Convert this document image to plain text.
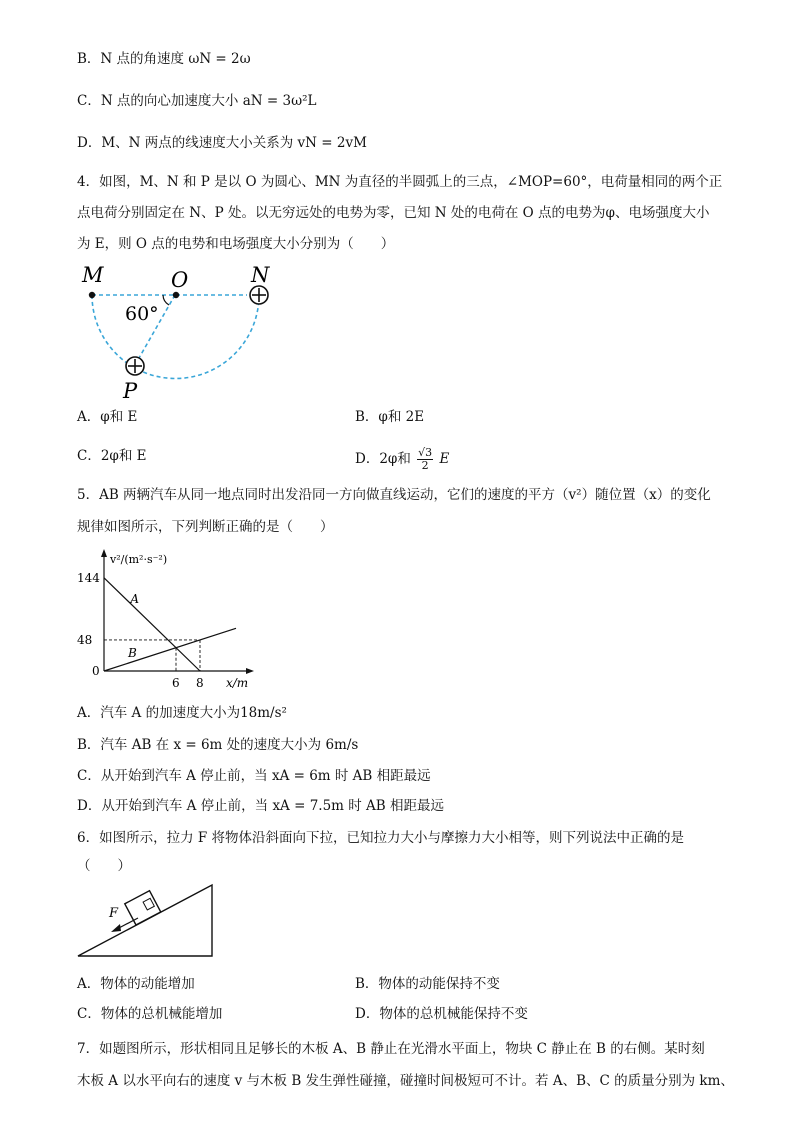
B．N 点的角速度 ωN = 2ω
C．N 点的向心加速度大小 aN = 3ω²L
D．M、N 两点的线速度大小关系为 vN = 2vM
4．如图，M、N 和 P 是以 O 为圆心、MN 为直径的半圆弧上的三点，∠MOP=60°，电荷量相同的两个正
点电荷分别固定在 N、P 处。以无穷远处的电势为零，已知 N 处的电荷在 O 点的电势为φ、电场强度大小
为 E，则 O 点的电势和电场强度大小分别为（　　）
M	O	N
P
60°
A．φ和 E	B．φ和 2E
C．2φ和 E	D．2φ和 $\frac{√3}{2}$ E
5．AB 两辆汽车从同一地点同时出发沿同一方向做直线运动，它们的速度的平方（v²）随位置（x）的变化
规律如图所示，下列判断正确的是（　　）
v²/(m²·s⁻²)
x/m
0
144
48
6 8
A
B
A．汽车 A 的加速度大小为18m/s²
B．汽车 AB 在 x = 6m 处的速度大小为 6m/s
C．从开始到汽车 A 停止前，当 xA = 6m 时 AB 相距最远
D．从开始到汽车 A 停止前，当 xA = 7.5m 时 AB 相距最远
6．如图所示，拉力 F 将物体沿斜面向下拉，已知拉力大小与摩擦力大小相等，则下列说法中正确的是
（　　）
F
A．物体的动能增加	B．物体的动能保持不变
C．物体的总机械能增加	D．物体的总机械能保持不变
7．如题图所示，形状相同且足够长的木板 A、B 静止在光滑水平面上，物块 C 静止在 B 的右侧。某时刻
木板 A 以水平向右的速度 v 与木板 B 发生弹性碰撞，碰撞时间极短可不计。若 A、B、C 的质量分别为 km、
